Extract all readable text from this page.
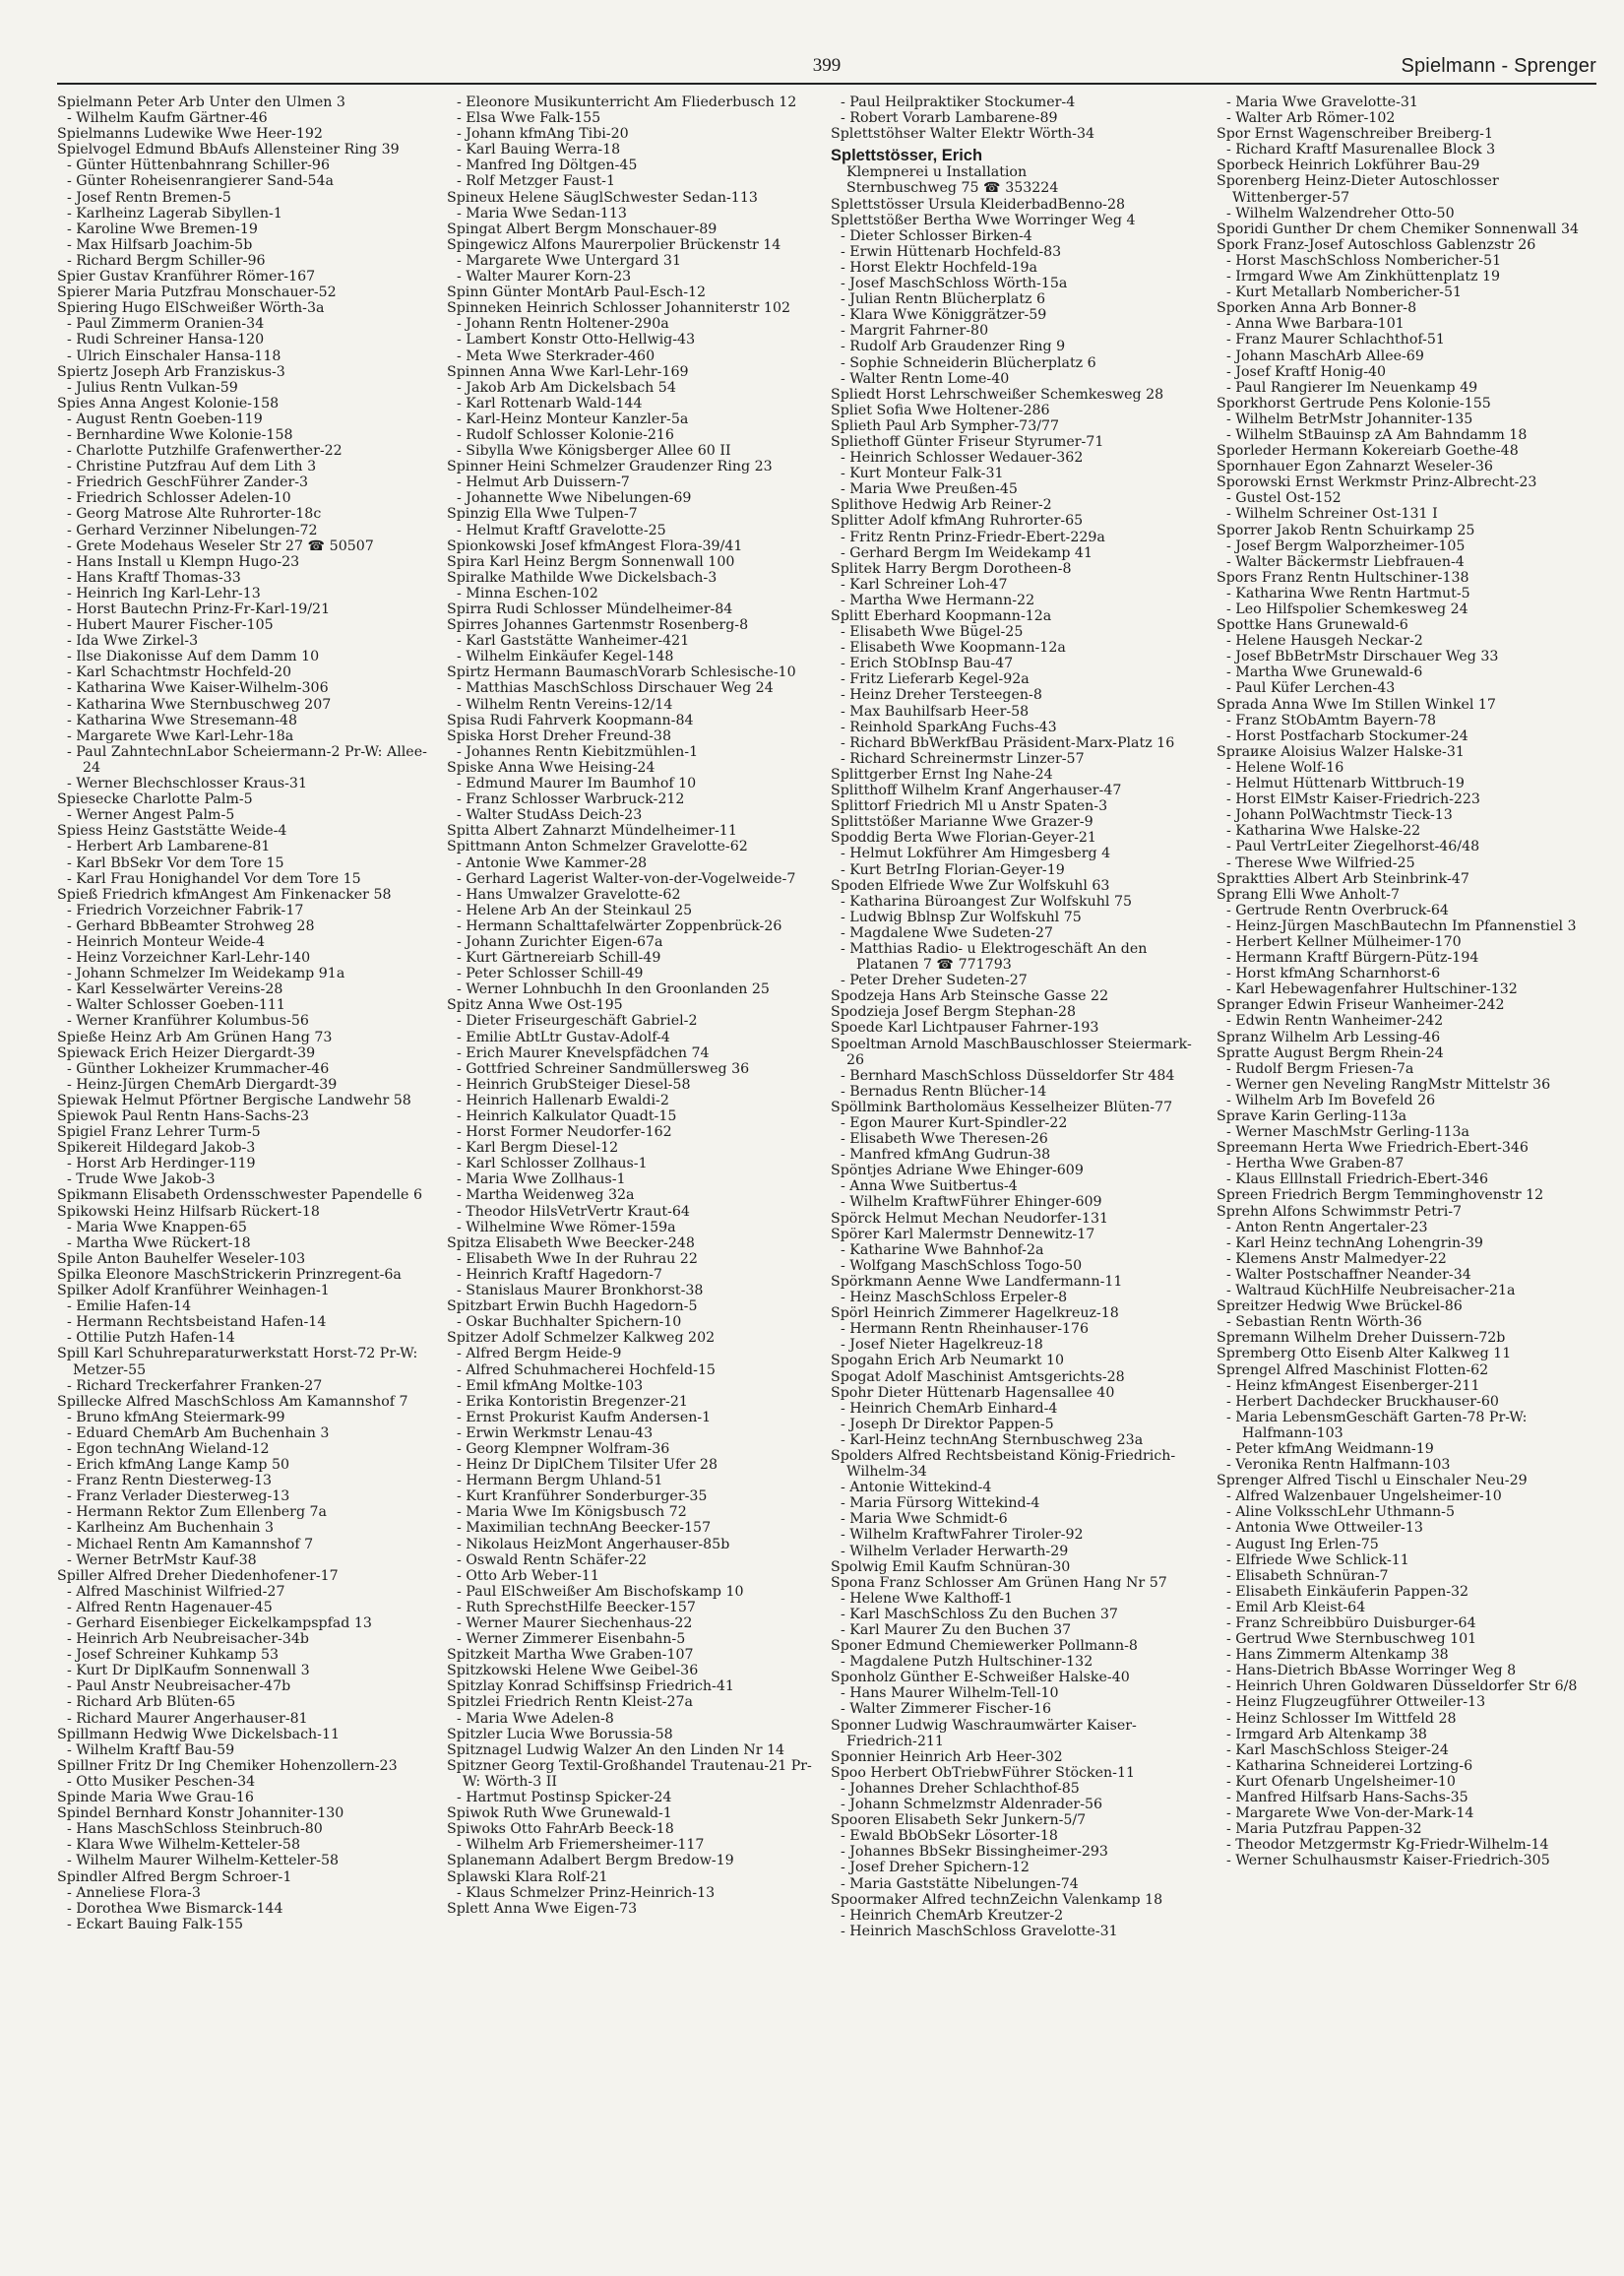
399	Spielmann - Sprenger
Spielmann Peter Arb Unter den Ulmen 3
- Wilhelm Kaufm Gärtner-46
Spielmanns Ludewike Wwe Heer-192
Spielvogel Edmund BbAufs Allensteiner Ring 39
- Günter Hüttenbahnrang Schiller-96
- Günter Roheisenrangierer Sand-54a
- Josef Rentn Bremen-5
- Karlheinz Lagerab Sibyllen-1
- Karoline Wwe Bremen-19
- Max Hilfsarb Joachim-5b
- Richard Bergm Schiller-96
Spier Gustav Kranführer Römer-167
Spierer Maria Putzfrau Monschauer-52
Spiering Hugo ElSchweißer Wörth-3a
- Paul Zimmerm Oranien-34
- Rudi Schreiner Hansa-120
- Ulrich Einschaler Hansa-118
Spiertz Joseph Arb Franziskus-3
- Julius Rentn Vulkan-59
Spies Anna Angest Kolonie-158
- August Rentn Goeben-119
- Bernhardine Wwe Kolonie-158
- Charlotte Putzhilfe Grafenwerther-22
- Christine Putzfrau Auf dem Lith 3
- Friedrich GeschFührer Zander-3
- Friedrich Schlosser Adelen-10
- Georg Matrose Alte Ruhrorter-18c
- Gerhard Verzinner Nibelungen-72
- Grete Modehaus Weseler Str 27 ☎ 50507
- Hans Install u Klempn Hugo-23
- Hans Kraftf Thomas-33
- Heinrich Ing Karl-Lehr-13
- Horst Bautechn Prinz-Fr-Karl-19/21
- Hubert Maurer Fischer-105
- Ida Wwe Zirkel-3
- Ilse Diakonisse Auf dem Damm 10
- Karl Schachtmstr Hochfeld-20
- Katharina Wwe Kaiser-Wilhelm-306
- Katharina Wwe Sternbuschweg 207
- Katharina Wwe Stresemann-48
- Margarete Wwe Karl-Lehr-18a
- Paul ZahntechnLabor Scheiermann-2 Pr-W: Allee-24
- Werner Blechschlosser Kraus-31
Spiesecke Charlotte Palm-5
- Werner Angest Palm-5
Spiess Heinz Gaststätte Weide-4
- Herbert Arb Lambarene-81
- Karl BbSekr Vor dem Tore 15
- Karl Frau Honighandel Vor dem Tore 15
Spieß Friedrich kfmAngest Am Finkenacker 58
- Friedrich Vorzeichner Fabrik-17
- Gerhard BbBeamter Strohweg 28
- Heinrich Monteur Weide-4
- Heinz Vorzeichner Karl-Lehr-140
- Johann Schmelzer Im Weidekamp 91a
- Karl Kesselwärter Vereins-28
- Walter Schlosser Goeben-111
- Werner Kranführer Kolumbus-56
Spieße Heinz Arb Am Grünen Hang 73
Spiewack Erich Heizer Diergardt-39
- Günther Lokheizer Krummacher-46
- Heinz-Jürgen ChemArb Diergardt-39
Spiewak Helmut Pförtner Bergische Landwehr 58
Spiewok Paul Rentn Hans-Sachs-23
Spigiel Franz Lehrer Turm-5
Spikereit Hildegard Jakob-3
- Horst Arb Herdinger-119
- Trude Wwe Jakob-3
Spikmann Elisabeth Ordensschwester Papendelle 6
Spikowski Heinz Hilfsarb Rückert-18
- Maria Wwe Knappen-65
- Martha Wwe Rückert-18
Spile Anton Bauhelfer Weseler-103
Spilka Eleonore MaschStrickerin Prinzregent-6a
Spilker Adolf Kranführer Weinhagen-1
- Emilie Hafen-14
- Hermann Rechtsbeistand Hafen-14
- Ottilie Putzh Hafen-14
Spill Karl Schuhreparaturwerkstatt Horst-72 Pr-W: Metzer-55
- Richard Treckerfahrer Franken-27
Spillecke Alfred MaschSchloss Am Kamannshof 7
- Bruno kfmAng Steiermark-99
- Eduard ChemArb Am Buchenhain 3
- Egon technAng Wieland-12
- Erich kfmAng Lange Kamp 50
- Franz Rentn Diesterweg-13
- Franz Verlader Diesterweg-13
- Hermann Rektor Zum Ellenberg 7a
- Karlheinz Am Buchenhain 3
- Michael Rentn Am Kamannshof 7
- Werner BetrMstr Kauf-38
Spiller Alfred Dreher Diedenhofener-17
- Alfred Maschinist Wilfried-27
- Alfred Rentn Hagenauer-45
- Gerhard Eisenbieger Eickelkampspfad 13
- Heinrich Arb Neubreisacher-34b
- Josef Schreiner Kuhkamp 53
- Kurt Dr DiplKaufm Sonnenwall 3
- Paul Anstr Neubreisacher-47b
- Richard Arb Blüten-65
- Richard Maurer Angerhauser-81
Spillmann Hedwig Wwe Dickelsbach-11
- Wilhelm Kraftf Bau-59
Spillner Fritz Dr Ing Chemiker Hohenzollern-23
- Otto Musiker Peschen-34
Spinde Maria Wwe Grau-16
Spindel Bernhard Konstr Johanniter-130
- Hans MaschSchloss Steinbruch-80
- Klara Wwe Wilhelm-Ketteler-58
- Wilhelm Maurer Wilhelm-Ketteler-58
Spindler Alfred Bergm Schroer-1
- Anneliese Flora-3
- Dorothea Wwe Bismarck-144
- Eckart Bauing Falk-155
- Eleonore Musikunterricht Am Fliederbusch 12
- Elsa Wwe Falk-155
- Johann kfmAng Tibi-20
- Karl Bauing Werra-18
- Manfred Ing Döltgen-45
- Rolf Metzger Faust-1
Spineux Helene SäuglSchwester Sedan-113
- Maria Wwe Sedan-113
Spingat Albert Bergm Monschauer-89
Spingewicz Alfons Maurerpolier Brückenstr 14
- Margarete Wwe Untergard 31
- Walter Maurer Korn-23
Spinn Günter MontArb Paul-Esch-12
Spinneken Heinrich Schlosser Johanniterstr 102
- Johann Rentn Holtener-290a
- Lambert Konstr Otto-Hellwig-43
- Meta Wwe Sterkrader-460
Spinnen Anna Wwe Karl-Lehr-169
- Jakob Arb Am Dickelsbach 54
- Karl Rottenarb Wald-144
- Karl-Heinz Monteur Kanzler-5a
- Rudolf Schlosser Kolonie-216
- Sibylla Wwe Königsberger Allee 60 II
Spinner Heini Schmelzer Graudenzer Ring 23
- Helmut Arb Duissern-7
- Johannette Wwe Nibelungen-69
Spinzig Ella Wwe Tulpen-7
- Helmut Kraftf Gravelotte-25
Spionkowski Josef kfmAngest Flora-39/41
Spira Karl Heinz Bergm Sonnenwall 100
Spiralke Mathilde Wwe Dickelsbach-3
- Minna Eschen-102
Spirra Rudi Schlosser Mündelheimer-84
Spirres Johannes Gartenmstr Rosenberg-8
- Karl Gaststätte Wanheimer-421
- Wilhelm Einkäufer Kegel-148
Spirtz Hermann BaumaschVorarb Schlesische-10
- Matthias MaschSchloss Dirschauer Weg 24
- Wilhelm Rentn Vereins-12/14
Spisa Rudi Fahrverk Koopmann-84
Spiska Horst Dreher Freund-38
- Johannes Rentn Kiebitzmühlen-1
Spiske Anna Wwe Heising-24
- Edmund Maurer Im Baumhof 10
- Franz Schlosser Warbruck-212
- Walter StudAss Deich-23
Spitta Albert Zahnarzt Mündelheimer-11
Spittmann Anton Schmelzer Gravelotte-62
- Antonie Wwe Kammer-28
- Gerhard Lagerist Walter-von-der-Vogelweide-7
- Hans Umwalzer Gravelotte-62
- Helene Arb An der Steinkaul 25
- Hermann Schalttafelwärter Zoppenbrück-26
- Johann Zurichter Eigen-67a
- Kurt Gärtnereiarb Schill-49
- Peter Schlosser Schill-49
- Werner Lohnbuchh In den Groonlanden 25
Spitz Anna Wwe Ost-195
- Dieter Friseurgeschäft Gabriel-2
- Emilie AbtLtr Gustav-Adolf-4
- Erich Maurer Knevelspfädchen 74
- Gottfried Schreiner Sandmüllersweg 36
- Heinrich GrubSteiger Diesel-58
- Heinrich Hallenarb Ewaldi-2
- Heinrich Kalkulator Quadt-15
- Horst Former Neudorfer-162
- Karl Bergm Diesel-12
- Karl Schlosser Zollhaus-1
- Maria Wwe Zollhaus-1
- Martha Weidenweg 32a
- Theodor HilsVetrVertr Kraut-64
- Wilhelmine Wwe Römer-159a
Spitza Elisabeth Wwe Beecker-248
- Elisabeth Wwe In der Ruhrau 22
- Heinrich Kraftf Hagedorn-7
- Stanislaus Maurer Bronkhorst-38
Spitzbart Erwin Buchh Hagedorn-5
- Oskar Buchhalter Spichern-10
Spitzer Adolf Schmelzer Kalkweg 202
- Alfred Bergm Heide-9
- Alfred Schuhmacherei Hochfeld-15
- Emil kfmAng Moltke-103
- Erika Kontoristin Bregenzer-21
- Ernst Prokurist Kaufm Andersen-1
- Erwin Werkmstr Lenau-43
- Georg Klempner Wolfram-36
- Heinz Dr DiplChem Tilsiter Ufer 28
- Hermann Bergm Uhland-51
- Kurt Kranführer Sonderburger-35
- Maria Wwe Im Königsbusch 72
- Maximilian technAng Beecker-157
- Nikolaus HeizMont Angerhauser-85b
- Oswald Rentn Schäfer-22
- Otto Arb Weber-11
- Paul ElSchweißer Am Bischofskamp 10
- Ruth SprechstHilfe Beecker-157
- Werner Maurer Siechenhaus-22
- Werner Zimmerer Eisenbahn-5
Spitzkeit Martha Wwe Graben-107
Spitzkowski Helene Wwe Geibel-36
Spitzlay Konrad Schiffsinsp Friedrich-41
Spitzlei Friedrich Rentn Kleist-27a
- Maria Wwe Adelen-8
Spitzler Lucia Wwe Borussia-58
Spitznagel Ludwig Walzer An den Linden Nr 14
Spitzner Georg Textil-Großhandel Trautenau-21 Pr-W: Wörth-3 II
- Hartmut Postinsp Spicker-24
Spiwok Ruth Wwe Grunewald-1
Spiwoks Otto FahrArb Beeck-18
- Wilhelm Arb Friemersheimer-117
Splanemann Adalbert Bergm Bredow-19
Splawski Klara Rolf-21
- Klaus Schmelzer Prinz-Heinrich-13
Splett Anna Wwe Eigen-73
- Paul Heilpraktiker Stockumer-4
- Robert Vorarb Lambarene-89
Splettstöhser Walter Elektr Wörth-34
Splettstösser, Erich
Klempnerei u Installation
Sternbuschweg 75 ☎ 353224
Splettstösser Ursula KleiderbadBenno-28
Splettstößer Bertha Wwe Worringer Weg 4
- Dieter Schlosser Birken-4
- Erwin Hüttenarb Hochfeld-83
- Horst Elektr Hochfeld-19a
- Josef MaschSchloss Wörth-15a
- Julian Rentn Blücherplatz 6
- Klara Wwe Königgrätzer-59
- Margrit Fahrner-80
- Rudolf Arb Graudenzer Ring 9
- Sophie Schneiderin Blücherplatz 6
- Walter Rentn Lome-40
Spliedt Horst Lehrschweißer Schemkesweg 28
Spliet Sofia Wwe Holtener-286
Splieth Paul Arb Sympher-73/77
Spliethoff Günter Friseur Styrumer-71
- Heinrich Schlosser Wedauer-362
- Kurt Monteur Falk-31
- Maria Wwe Preußen-45
Splithove Hedwig Arb Reiner-2
Splitter Adolf kfmAng Ruhrorter-65
- Fritz Rentn Prinz-Friedr-Ebert-229a
- Gerhard Bergm Im Weidekamp 41
Splitek Harry Bergm Dorotheen-8
- Karl Schreiner Loh-47
- Martha Wwe Hermann-22
Splitt Eberhard Koopmann-12a
- Elisabeth Wwe Bügel-25
- Elisabeth Wwe Koopmann-12a
- Erich StObInsp Bau-47
- Fritz Lieferarb Kegel-92a
- Heinz Dreher Tersteegen-8
- Max Bauhilfsarb Heer-58
- Reinhold SparkAng Fuchs-43
- Richard BbWerkfBau Präsident-Marx-Platz 16
- Richard Schreinermstr Linzer-57
Splittgerber Ernst Ing Nahe-24
Splitthoff Wilhelm Kranf Angerhauser-47
Splittorf Friedrich Ml u Anstr Spaten-3
Splittstößer Marianne Wwe Grazer-9
Spoddig Berta Wwe Florian-Geyer-21
- Helmut Lokführer Am Himgesberg 4
- Kurt BetrIng Florian-Geyer-19
Spoden Elfriede Wwe Zur Wolfskuhl 63
- Katharina Büroangest Zur Wolfskuhl 75
- Ludwig Bblnsp Zur Wolfskuhl 75
- Magdalene Wwe Sudeten-27
- Matthias Radio- u Elektrogeschäft An den Platanen 7 ☎ 771793
- Peter Dreher Sudeten-27
Spodzeja Hans Arb Steinsche Gasse 22
Spodzieja Josef Bergm Stephan-28
Spoede Karl Lichtpauser Fahrner-193
Spoeltman Arnold MaschBauschlosser Steiermark-26
- Bernhard MaschSchloss Düsseldorfer Str 484
- Bernadus Rentn Blücher-14
Spöllmink Bartholomäus Kesselheizer Blüten-77
- Egon Maurer Kurt-Spindler-22
- Elisabeth Wwe Theresen-26
- Manfred kfmAng Gudrun-38
Spöntjes Adriane Wwe Ehinger-609
- Anna Wwe Suitbertus-4
- Wilhelm KraftwFührer Ehinger-609
Spörck Helmut Mechan Neudorfer-131
Spörer Karl Malermstr Dennewitz-17
- Katharine Wwe Bahnhof-2a
- Wolfgang MaschSchloss Togo-50
Spörkmann Aenne Wwe Landfermann-11
- Heinz MaschSchloss Erpeler-8
Spörl Heinrich Zimmerer Hagelkreuz-18
- Hermann Rentn Rheinhauser-176
- Josef Nieter Hagelkreuz-18
Spogahn Erich Arb Neumarkt 10
Spogat Adolf Maschinist Amtsgerichts-28
Spohr Dieter Hüttenarb Hagensallee 40
- Heinrich ChemArb Einhard-4
- Joseph Dr Direktor Pappen-5
- Karl-Heinz technAng Sternbuschweg 23a
Spolders Alfred Rechtsbeistand König-Friedrich-Wilhelm-34
- Antonie Wittekind-4
- Maria Fürsorg Wittekind-4
- Maria Wwe Schmidt-6
- Wilhelm KraftwFahrer Tiroler-92
- Wilhelm Verlader Herwarth-29
Spolwig Emil Kaufm Schnüran-30
Spona Franz Schlosser Am Grünen Hang Nr 57
- Helene Wwe Kalthoff-1
- Karl MaschSchloss Zu den Buchen 37
- Karl Maurer Zu den Buchen 37
Sponer Edmund Chemiewerker Pollmann-8
- Magdalene Putzh Hultschiner-132
Sponholz Günther E-Schweißer Halske-40
- Hans Maurer Wilhelm-Tell-10
- Walter Zimmerer Fischer-16
Sponner Ludwig Waschraumwärter Kaiser-Friedrich-211
Sponnier Heinrich Arb Heer-302
Spoo Herbert ObTriebwFührer Stöcken-11
- Johannes Dreher Schlachthof-85
- Johann Schmelzmstr Aldenrader-56
Spooren Elisabeth Sekr Junkern-5/7
- Ewald BbObSekr Lösorter-18
- Johannes BbSekr Bissingheimer-293
- Josef Dreher Spichern-12
- Maria Gaststätte Nibelungen-74
Spoormaker Alfred technZeichn Valenkamp 18
- Heinrich ChemArb Kreutzer-2
- Heinrich MaschSchloss Gravelotte-31
- Maria Wwe Gravelotte-31
- Walter Arb Römer-102
Spor Ernst Wagenschreiber Breiberg-1
- Richard Kraftf Masurenallee Block 3
Sporbeck Heinrich Lokführer Bau-29
Sporenberg Heinz-Dieter Autoschlosser Wittenberger-57
- Wilhelm Walzendreher Otto-50
Sporidi Gunther Dr chem Chemiker Sonnenwall 34
Spork Franz-Josef Autoschloss Gablenzstr 26
- Horst MaschSchloss Nombericher-51
- Irmgard Wwe Am Zinkhüttenplatz 19
- Kurt Metallarb Nombericher-51
Sporken Anna Arb Bonner-8
- Anna Wwe Barbara-101
- Franz Maurer Schlachthof-51
- Johann MaschArb Allee-69
- Josef Kraftf Honig-40
- Paul Rangierer Im Neuenkamp 49
Sporkhorst Gertrude Pens Kolonie-155
- Wilhelm BetrMstr Johanniter-135
- Wilhelm StBauinsp zA Am Bahndamm 18
Sporleder Hermann Kokereiarb Goethe-48
Spornhauer Egon Zahnarzt Weseler-36
Sporowski Ernst Werkmstr Prinz-Albrecht-23
- Gustel Ost-152
- Wilhelm Schreiner Ost-131 I
Sporrer Jakob Rentn Schuirkamp 25
- Josef Bergm Walporzheimer-105
- Walter Bäckermstr Liebfrauen-4
Spors Franz Rentn Hultschiner-138
- Katharina Wwe Rentn Hartmut-5
- Leo Hilfspolier Schemkesweg 24
Spottke Hans Grunewald-6
- Helene Hausgeh Neckar-2
- Josef BbBetrMstr Dirschauer Weg 33
- Martha Wwe Grunewald-6
- Paul Küfer Lerchen-43
Sprada Anna Wwe Im Stillen Winkel 17
- Franz StObAmtm Bayern-78
- Horst Postfacharb Stockumer-24
Spraике Aloisius Walzer Halske-31
- Helene Wolf-16
- Helmut Hüttenarb Wittbruch-19
- Horst ElMstr Kaiser-Friedrich-223
- Johann PolWachtmstr Tieck-13
- Katharina Wwe Halske-22
- Paul VertrLeiter Ziegelhorst-46/48
- Therese Wwe Wilfried-25
Spraktties Albert Arb Steinbrink-47
Sprang Elli Wwe Anholt-7
- Gertrude Rentn Overbruck-64
- Heinz-Jürgen MaschBautechn Im Pfannenstiel 3
- Herbert Kellner Mülheimer-170
- Hermann Kraftf Bürgern-Pütz-194
- Horst kfmAng Scharnhorst-6
- Karl Hebewagenfahrer Hultschiner-132
Spranger Edwin Friseur Wanheimer-242
- Edwin Rentn Wanheimer-242
Spranz Wilhelm Arb Lessing-46
Spratte August Bergm Rhein-24
- Rudolf Bergm Friesen-7a
- Werner gen Neveling RangMstr Mittelstr 36
- Wilhelm Arb Im Bovefeld 26
Sprave Karin Gerling-113a
- Werner MaschMstr Gerling-113a
Spreemann Herta Wwe Friedrich-Ebert-346
- Hertha Wwe Graben-87
- Klaus Elllnstall Friedrich-Ebert-346
Spreen Friedrich Bergm Temminghovenstr 12
Sprehn Alfons Schwimmstr Petri-7
- Anton Rentn Angertaler-23
- Karl Heinz technAng Lohengrin-39
- Klemens Anstr Malmedyer-22
- Walter Postschaffner Neander-34
- Waltraud KüchHilfe Neubreisacher-21a
Spreitzer Hedwig Wwe Brückel-86
- Sebastian Rentn Wörth-36
Spremann Wilhelm Dreher Duissern-72b
Spremberg Otto Eisenb Alter Kalkweg 11
Sprengel Alfred Maschinist Flotten-62
- Heinz kfmAngest Eisenberger-211
- Herbert Dachdecker Bruckhauser-60
- Maria LebensmGeschäft Garten-78 Pr-W: Halfmann-103
- Peter kfmAng Weidmann-19
- Veronika Rentn Halfmann-103
Sprenger Alfred Tischl u Einschaler Neu-29
- Alfred Walzenbauer Ungelsheimer-10
- Aline VolksschLehr Uthmann-5
- Antonia Wwe Ottweiler-13
- August Ing Erlen-75
- Elfriede Wwe Schlick-11
- Elisabeth Schnüran-7
- Elisabeth Einkäuferin Pappen-32
- Emil Arb Kleist-64
- Franz Schreibbüro Duisburger-64
- Gertrud Wwe Sternbuschweg 101
- Hans Zimmerm Altenkamp 38
- Hans-Dietrich BbAsse Worringer Weg 8
- Heinrich Uhren Goldwaren Düsseldorfer Str 6/8
- Heinz Flugzeugführer Ottweiler-13
- Heinz Schlosser Im Wittfeld 28
- Irmgard Arb Altenkamp 38
- Karl MaschSchloss Steiger-24
- Katharina Schneiderei Lortzing-6
- Kurt Ofenarb Ungelsheimer-10
- Manfred Hilfsarb Hans-Sachs-35
- Margarete Wwe Von-der-Mark-14
- Maria Putzfrau Pappen-32
- Theodor Metzgermstr Kg-Friedr-Wilhelm-14
- Werner Schulhausmstr Kaiser-Friedrich-305
